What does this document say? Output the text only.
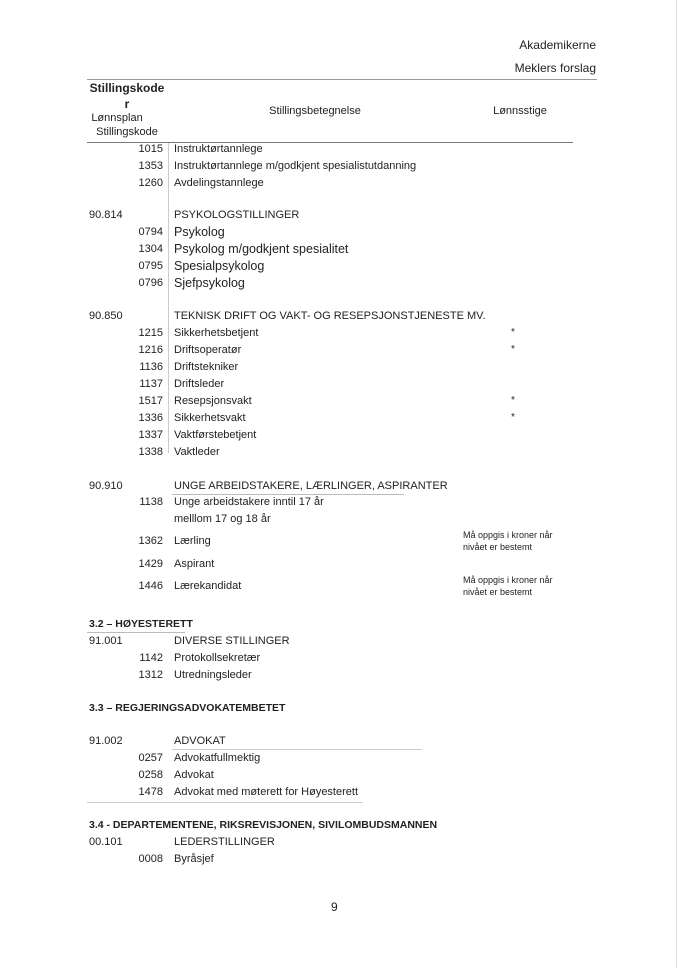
Akademikerne
Meklers forslag
Stillingskode
r
Lønnsplan
Stillingskode
Stillingsbetegnelse	Lønnsstige
1015 Instruktørtannlege
1353 Instruktørtannlege m/godkjent spesialistutdanning
1260 Avdelingstannlege
90.814	PSYKOLOGSTILLINGER
0794 Psykolog
1304 Psykolog m/godkjent spesialitet
0795 Spesialpsykolog
0796 Sjefpsykolog
90.850	TEKNISK DRIFT OG VAKT- OG RESEPSJONSTJENESTE MV.
1215 Sikkerhetsbetjent	*
1216 Driftsoperatør	*
1136 Driftstekniker
1137 Driftsleder
1517 Resepsjonsvakt	*
1336 Sikkerhetsvakt	*
1337 Vaktførstebetjent
1338 Vaktleder
90.910	UNGE ARBEIDSTAKERE, LÆRLINGER, ASPIRANTER
1138 Unge arbeidstakere inntil 17 år
melllom 17 og 18 år
1362 Lærling	Må oppgis i kroner når nivået er bestemt
1429 Aspirant
1446 Lærekandidat	Må oppgis i kroner når nivået er bestemt
3.2 – HØYESTERETT
91.001	DIVERSE STILLINGER
1142 Protokollsekretær
1312 Utredningsleder
3.3 – REGJERINGSADVOKATEMBETET
91.002	ADVOKAT
0257 Advokatfullmektig
0258 Advokat
1478 Advokat med møterett for Høyesterett
3.4 - DEPARTEMENTENE, RIKSREVISJONEN, SIVILOMBUDSMANNEN
00.101	LEDERSTILLINGER
0008 Byråsjef
9
